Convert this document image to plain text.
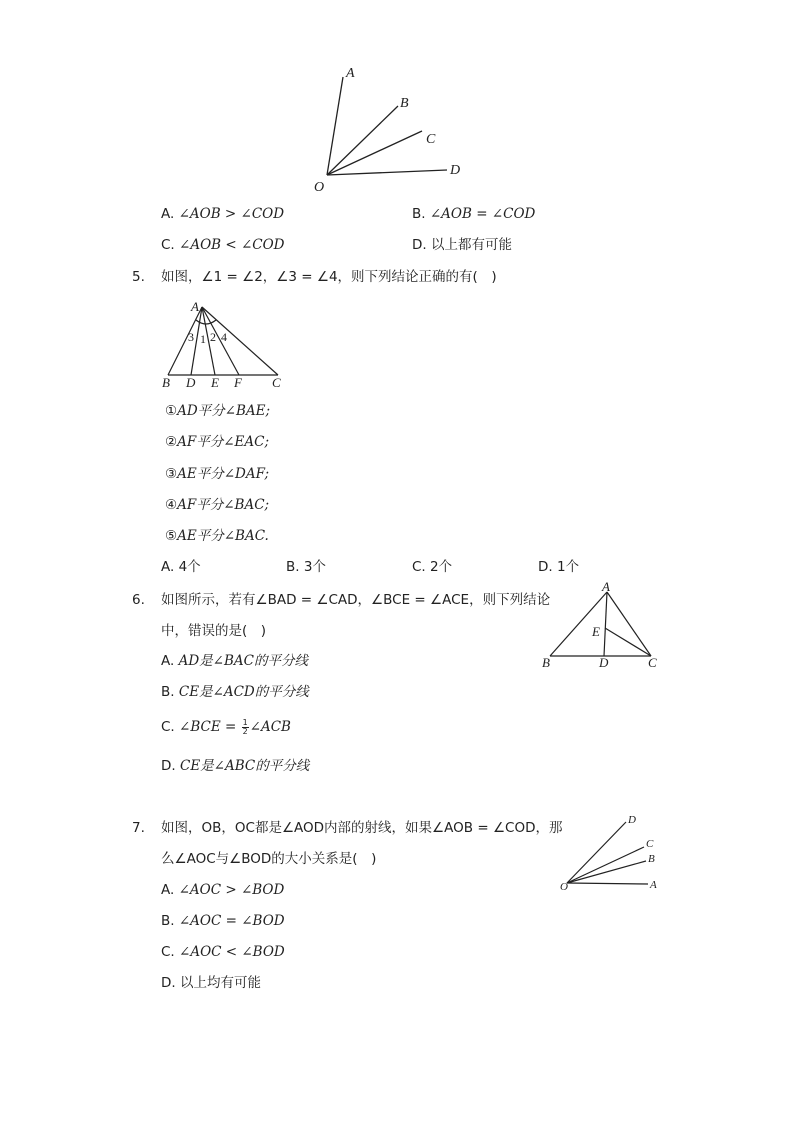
A
B
C
D
O
A. ∠AOB > ∠COD	B. ∠AOB = ∠COD
C. ∠AOB < ∠COD	D. 以上都有可能
5. 如图，∠1 = ∠2，∠3 = ∠4，则下列结论正确的有(　)
A
3 1 2 4
B D E F C
①AD平分∠BAE;
②AF平分∠EAC;
③AE平分∠DAF;
④AF平分∠BAC;
⑤AE平分∠BAC.
A. 4个	B. 3个	C. 2个	D. 1个
6. 如图所示，若有∠BAD = ∠CAD，∠BCE = ∠ACE，则下列结论
中，错误的是(　)
A
E
B	D	C
A. AD是∠BAC的平分线
B. CE是∠ACD的平分线
C. ∠BCE = $\frac{1}{2}$ ∠ACB
D. CE是∠ABC的平分线
7. 如图，OB，OC都是∠AOD内部的射线，如果∠AOB = ∠COD，那
么∠AOC与∠BOD的大小关系是(　)
D
C
B
A
O
A. ∠AOC > ∠BOD
B. ∠AOC = ∠BOD
C. ∠AOC < ∠BOD
D. 以上均有可能
